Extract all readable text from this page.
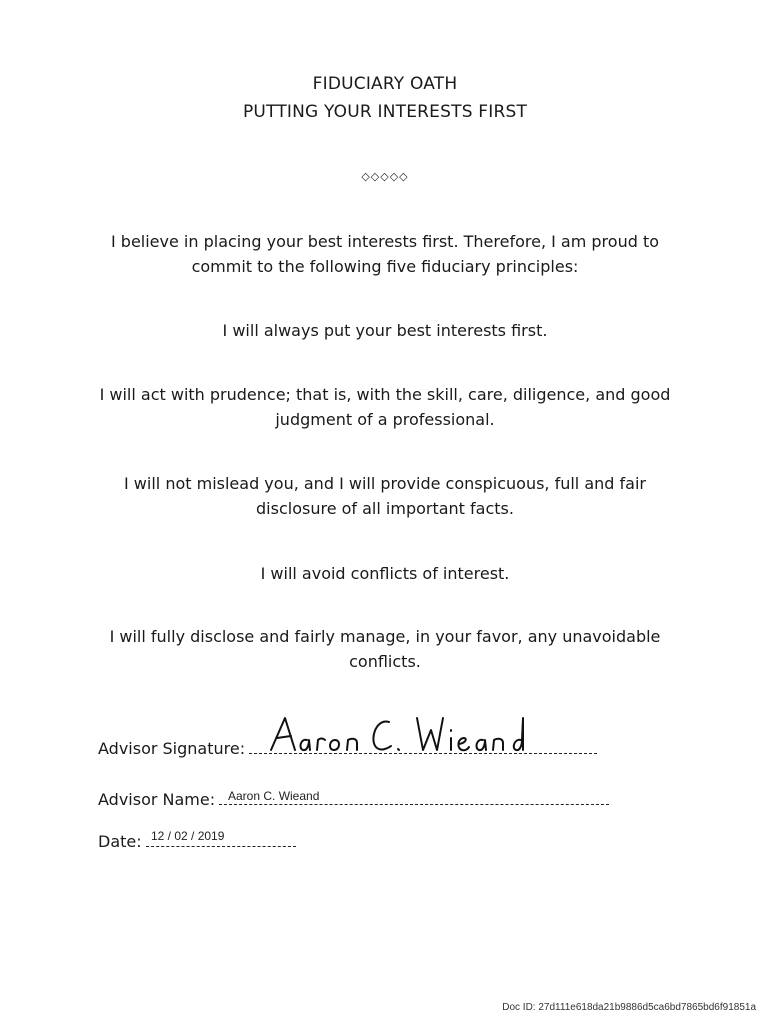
FIDUCIARY OATH
PUTTING YOUR INTERESTS FIRST
◇◇◇◇◇
I believe in placing your best interests first. Therefore, I am proud to commit to the following five fiduciary principles:
I will always put your best interests first.
I will act with prudence; that is, with the skill, care, diligence, and good judgment of a professional.
I will not mislead you, and I will provide conspicuous, full and fair disclosure of all important facts.
I will avoid conflicts of interest.
I will fully disclose and fairly manage, in your favor, any unavoidable conflicts.
Advisor Signature:
Advisor Name:	Aaron C. Wieand
Date: 12 / 02 / 2019
Doc ID: 27d111e618da21b9886d5ca6bd7865bd6f91851a
